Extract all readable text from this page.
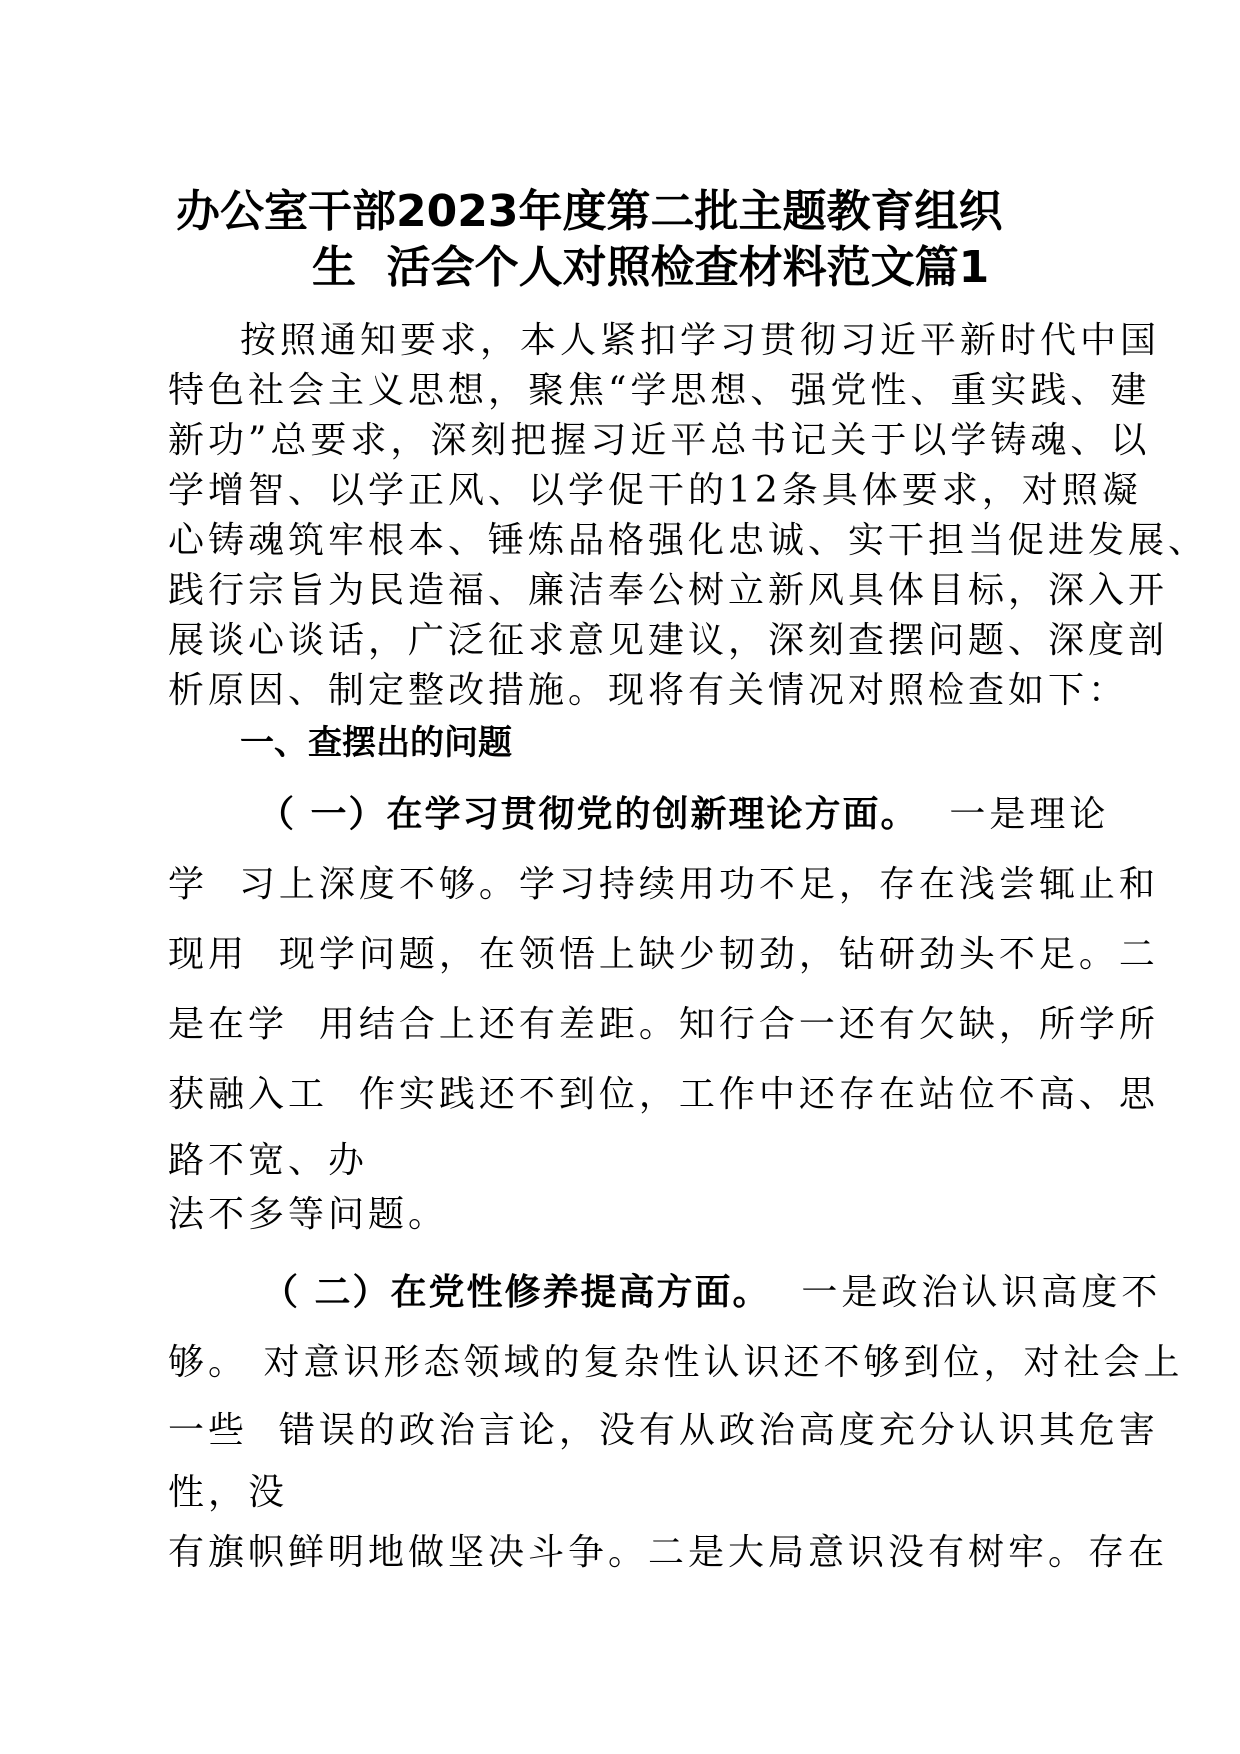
办公室干部2023年度第二批主题教育组织
生  活会个人对照检查材料范文篇1
按照通知要求，本人紧扣学习贯彻习近平新时代中国
特色社会主义思想，聚焦“学思想、强党性、重实践、建
新功”总要求，深刻把握习近平总书记关于以学铸魂、以
学增智、以学正风、以学促干的12条具体要求，对照凝
心铸魂筑牢根本、锤炼品格强化忠诚、实干担当促进发展、
践行宗旨为民造福、廉洁奉公树立新风具体目标，深入开
展谈心谈话，广泛征求意见建议，深刻查摆问题、深度剖
析原因、制定整改措施。现将有关情况对照检查如下：
一、查摆出的问题
（ 一）在学习贯彻党的创新理论方面。  一是理论
学  习上深度不够。学习持续用功不足，存在浅尝辄止和
现用  现学问题，在领悟上缺少韧劲，钻研劲头不足。二
是在学  用结合上还有差距。知行合一还有欠缺，所学所
获融入工  作实践还不到位，工作中还存在站位不高、思
路不宽、办
法不多等问题。
（ 二）在党性修养提高方面。  一是政治认识高度不
够。 对意识形态领域的复杂性认识还不够到位，对社会上
一些  错误的政治言论，没有从政治高度充分认识其危害
性，没
有旗帜鲜明地做坚决斗争。二是大局意识没有树牢。存在
